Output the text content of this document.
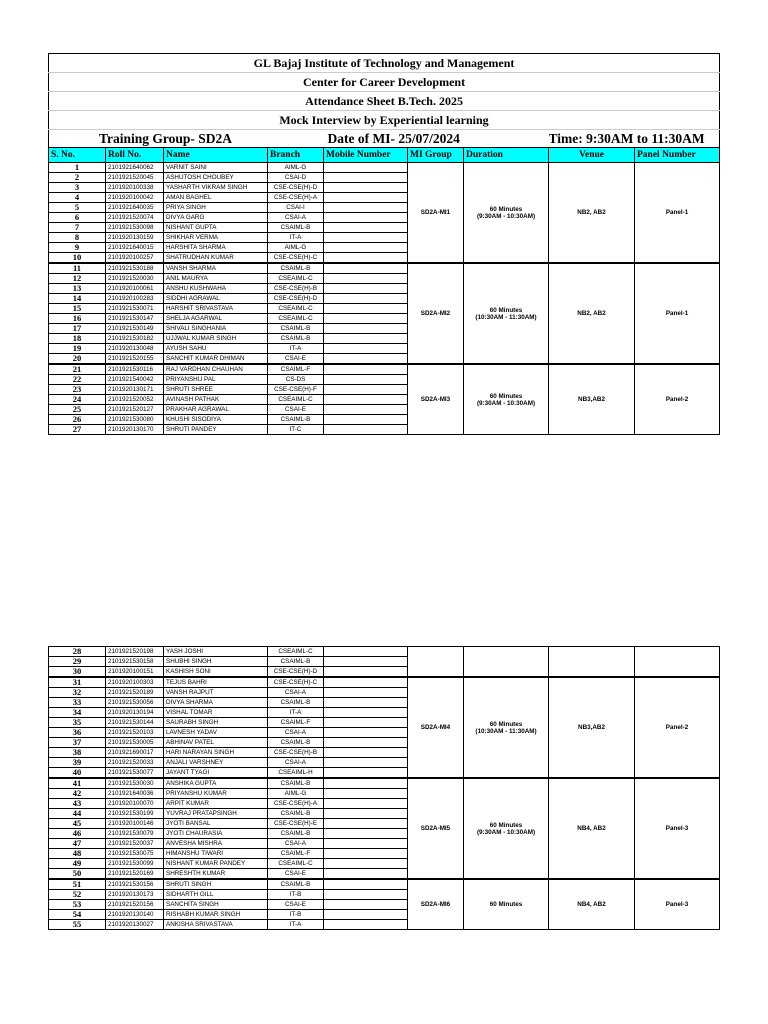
GL Bajaj Institute of Technology and Management								
Center for Career Development								
Attendance Sheet B.Tech. 2025								
Mock Interview by Experiential learning								
Training Group- SD2A				Date of MI- 25/07/2024			Time: 9:30AM to 11:30AM	
S. No.	Roll No.	Name	Branch	Mobile Number	MI Group	Duration	Venue	Panel Number
1	2101921640062	VARNIT SAINI	AIML-G		SD2A-MI1	60 Minutes
(9:30AM - 10:30AM)	NB2, AB2	Panel-1
2	2101921520045	ASHUTOSH CHOUBEY	CSAI-D					
3	2101920100338	YASHARTH VIKRAM SINGH	CSE-CSE(H)-D					
4	2101920100042	AMAN BAGHEL	CSE-CSE(H)-A					
5	2101921640035	PRIYA SINGH	CSAI-I					
6	2101921520074	DIVYA GARG	CSAI-A					
7	2101921530098	NISHANT GUPTA	CSAIML-B					
8	2101920130159	SHIKHAR VERMA	IT-A					
9	2101921640015	HARSHITA SHARMA	AIML-G					
10	2101920100257	SHATRUDHAN KUMAR	CSE-CSE(H)-C					
11	2101921530188	VANSH SHARMA	CSAIML-B		SD2A-MI2	60 Minutes
(10:30AM - 11:30AM)	NB2, AB2	Panel-1
12	2101921520030	ANIL MAURYA	CSEAIML-C					
13	2101920100061	ANSHU KUSHWAHA	CSE-CSE(H)-B					
14	2101920100283	SIDDHI AGRAWAL	CSE-CSE(H)-D					
15	2101921530071	HARSHIT SRIVASTAVA	CSEAIML-C					
16	2101921530147	SHELJA AGARWAL	CSEAIML-C					
17	2101921530149	SHIVALI SINGHANIA	CSAIML-B					
18	2101921530182	UJJWAL KUMAR SINGH	CSAIML-B					
19	2101920130048	AYUSH SAHU	IT-A					
20	2101921520155	SANCHIT KUMAR DHIMAN	CSAI-E					
21	2101921530116	RAJ VARDHAN CHAUHAN	CSAIML-F		SD2A-MI3	60 Minutes
(9:30AM - 10:30AM)	NB3,AB2	Panel-2
22	2101921540042	PRIYANSHU PAL	CS-DS					
23	2101920130171	SHRUTI SHREE	CSE-CSE(H)-F					
24	2101921520052	AVINASH PATHAK	CSEAIML-C					
25	2101921520127	PRAKHAR AGRAWAL	CSAI-E					
26	2101921530080	KHUSHI SISODIYA	CSAIML-B					
27	2101920130170	SHRUTI PANDEY	IT-C					
28	2101921520198	YASH JOSHI	CSEAIML-C					
29	2101921530158	SHUBHI SINGH	CSAIML-B					
30	2101920100151	KASHISH SONI	CSE-CSE(H)-D					
31	2101920100303	TEJUS BAHRI	CSE-CSE(H)-C		SD2A-MI4	60 Minutes
(10:30AM - 11:30AM)	NB3,AB2	Panel-2
32	2101921520189	VANSH RAJPUT	CSAI-A					
33	2101921530056	DIVYA SHARMA	CSAIML-B					
34	2101920130194	VISHAL TOMAR	IT-A					
35	2101921530144	SAURABH SINGH	CSAIML-F					
36	2101921520103	LAVNESH YADAV	CSAI-A					
37	2101921530005	ABHINAV PATEL	CSAIML-B					
38	2101921690017	HARI NARAYAN SINGH	CSE-CSE(H)-B					
39	2101921520033	ANJALI VARSHNEY	CSAI-A					
40	2101921530077	JAYANT TYAGI	CSEAIML-H					
41	2101921530030	ANSHIKA GUPTA	CSAIML-B		SD2A-MI5	60 Minutes
(9:30AM - 10:30AM)	NB4, AB2	Panel-3
42	2101921640036	PRIYANSHU KUMAR	AIML-G					
43	2101920100070	ARPIT KUMAR	CSE-CSE(H)-A					
44	2101921530199	YUVRAJ PRATAPSINGH	CSAIML-B					
45	2101920100146	JYOTI BANSAL	CSE-CSE(H)-E					
46	2101921530079	JYOTI CHAURASIA	CSAIML-B					
47	2101921520037	ANVESHA MISHRA	CSAI-A					
48	2101921530075	HIMANSHU TIWARI	CSAIML-F					
49	2101921530099	NISHANT KUMAR PANDEY	CSEAIML-C					
50	2101921520169	SHRESHTH KUMAR	CSAI-E					
51	2101921530156	SHRUTI SINGH	CSAIML-B		SD2A-MI6	60 Minutes	NB4, AB2	Panel-3
52	2101920130173	SIDHARTH GILL	IT-B					
53	2101921520156	SANCHITA SINGH	CSAI-E					
54	2101920130140	RISHABH KUMAR SINGH	IT-B					
55	2101920130027	ANKISHA SRIVASTAVA	IT-A					
